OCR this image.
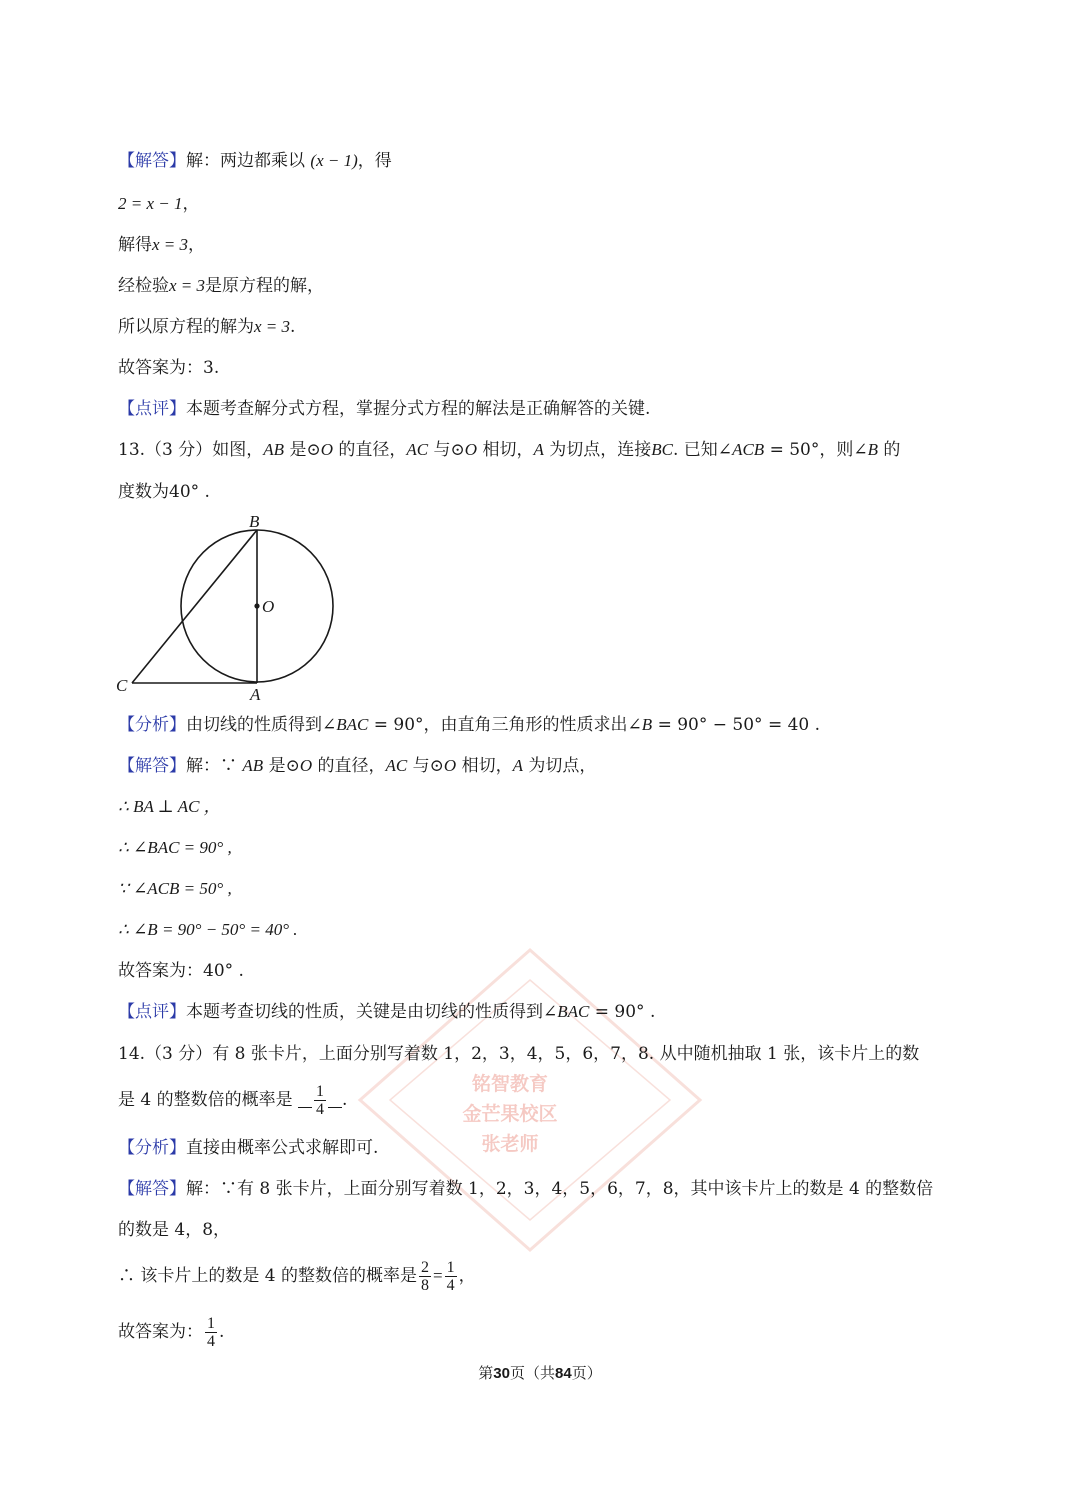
铭智教育
金芒果校区
张老师
【解答】解：两边都乘以 (x − 1)，得
2 = x − 1，
解得x = 3，
经检验x = 3是原方程的解，
所以原方程的解为x = 3.
故答案为：3.
【点评】本题考查解分式方程，掌握分式方程的解法是正确解答的关键.
13.（3 分）如图，AB 是⊙O 的直径，AC 与⊙O 相切，A 为切点，连接BC. 已知∠ACB = 50°，则∠B 的
度数为40° .
B
O
C	A
【分析】由切线的性质得到∠BAC = 90°，由直角三角形的性质求出∠B = 90° − 50° = 40 .
【解答】解：∵ AB 是⊙O 的直径，AC 与⊙O 相切，A 为切点，
∴ BA ⊥ AC ，
∴ ∠BAC = 90° ,
∵ ∠ACB = 50° ,
∴ ∠B = 90° − 50° = 40° .
故答案为：40° .
【点评】本题考查切线的性质，关键是由切线的性质得到∠BAC = 90° .
14.（3 分）有 8 张卡片，上面分别写着数 1，2，3，4，5，6，7，8. 从中随机抽取 1 张，该卡片上的数
是 4 的整数倍的概率是 $\frac{1}{4}$ .
【分析】直接由概率公式求解即可.
【解答】解：∵有 8 张卡片，上面分别写着数 1，2，3，4，5，6，7，8，其中该卡片上的数是 4 的整数倍
的数是 4，8，
∴ 该卡片上的数是 4 的整数倍的概率是 $\frac{2}{8} = \frac{1}{4}$ ，
故答案为： $\frac{1}{4}$ .
第30页（共84页）
